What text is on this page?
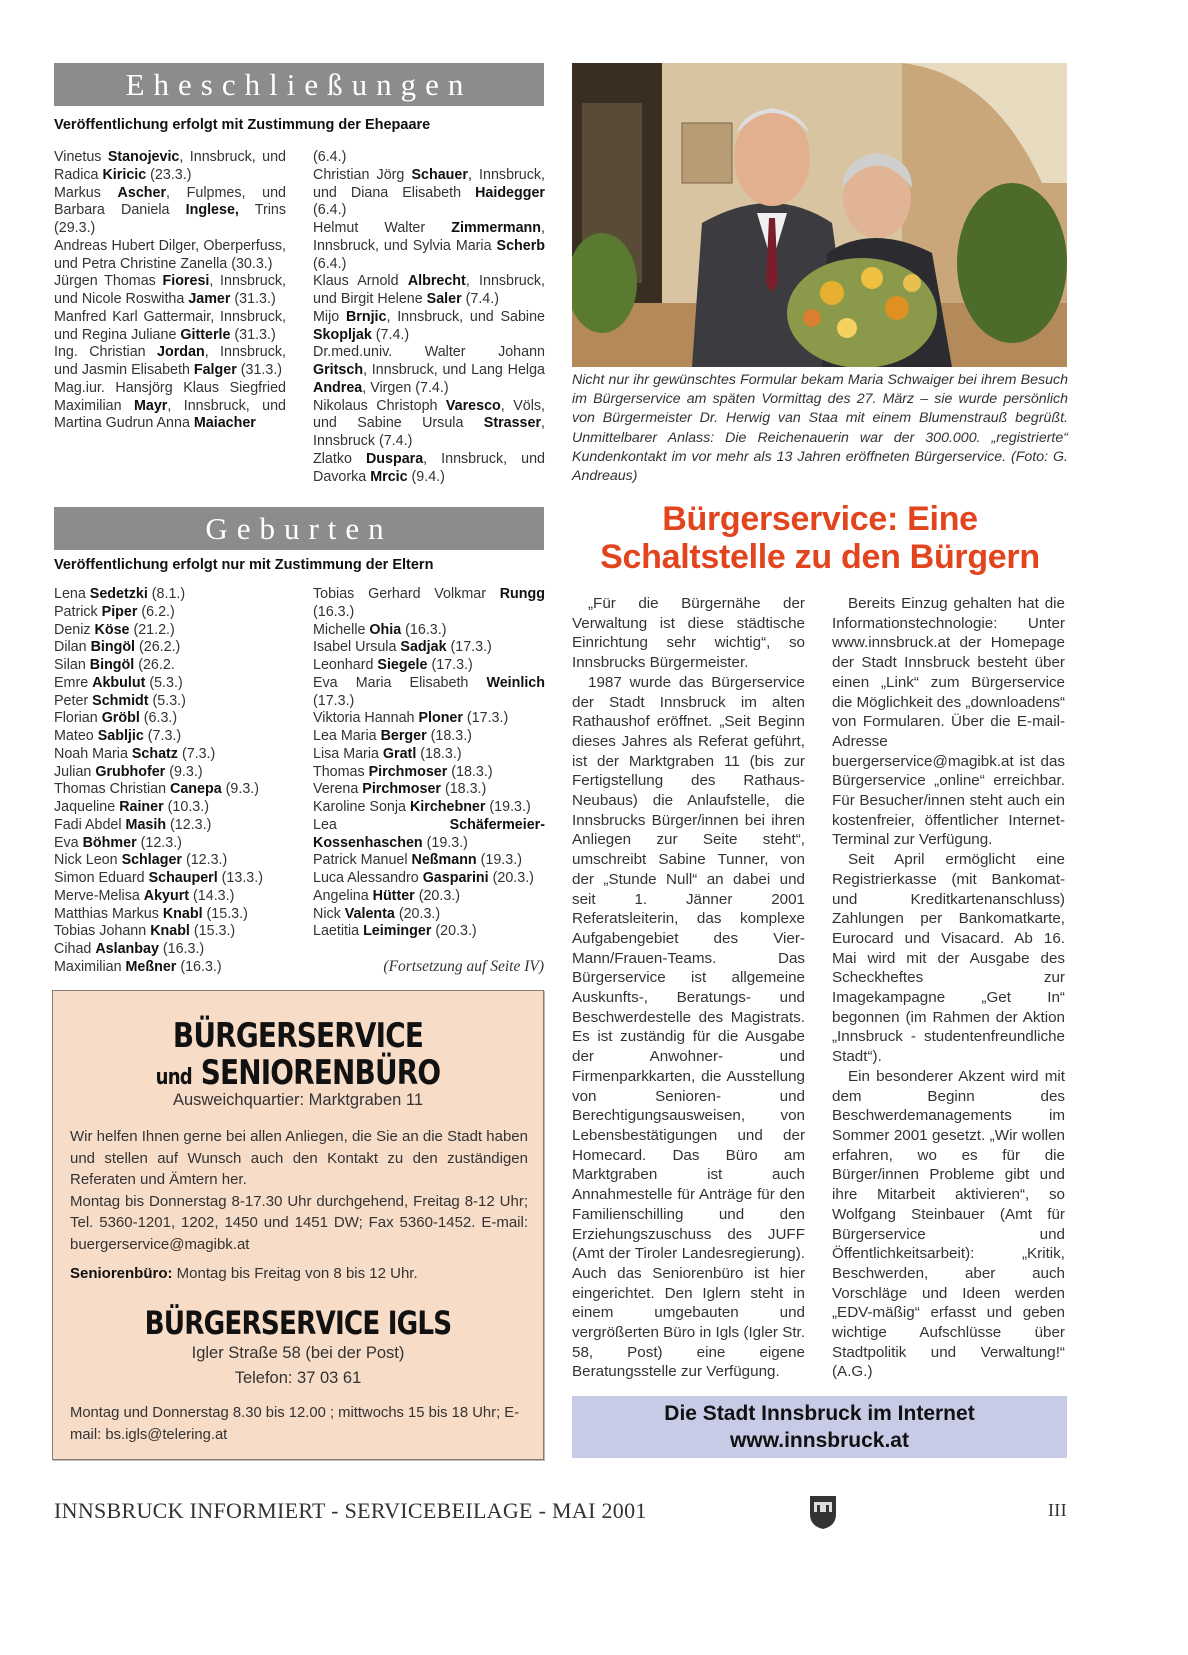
Eheschließungen
Veröffentlichung erfolgt mit Zustimmung der Ehepaare
Vinetus Stanojevic, Innsbruck, und Radica Kiricic (23.3.)
Markus Ascher, Fulpmes, und Barbara Daniela Inglese, Trins (29.3.)
Andreas Hubert Dilger, Oberperfuss, und Petra Christine Zanella (30.3.)
Jürgen Thomas Fioresi, Innsbruck, und Nicole Roswitha Jamer (31.3.)
Manfred Karl Gattermair, Innsbruck, und Regina Juliane Gitterle (31.3.)
Ing. Christian Jordan, Innsbruck, und Jasmin Elisabeth Falger (31.3.)
Mag.iur. Hansjörg Klaus Siegfried Maximilian Mayr, Innsbruck, und Martina Gudrun Anna Maiacher
(6.4.)
Christian Jörg Schauer, Innsbruck, und Diana Elisabeth Haidegger (6.4.)
Helmut Walter Zimmermann, Innsbruck, und Sylvia Maria Scherb (6.4.)
Klaus Arnold Albrecht, Innsbruck, und Birgit Helene Saler (7.4.)
Mijo Brnjic, Innsbruck, und Sabine Skopljak (7.4.)
Dr.med.univ. Walter Johann Gritsch, Innsbruck, und Lang Helga Andrea, Virgen (7.4.)
Nikolaus Christoph Varesco, Völs, und Sabine Ursula Strasser, Innsbruck (7.4.)
Zlatko Duspara, Innsbruck, und Davorka Mrcic (9.4.)
Nicht nur ihr gewünschtes Formular bekam Maria Schwaiger bei ihrem Besuch im Bürgerservice am späten Vormittag des 27. März – sie wurde persönlich von Bürgermeister Dr. Herwig van Staa mit einem Blumenstrauß begrüßt. Unmittelbarer Anlass: Die Reichenauerin war der 300.000. „registrierte“ Kundenkontakt im vor mehr als 13 Jahren eröffneten Bürgerservice. (Foto: G. Andreaus)
Geburten
Veröffentlichung erfolgt nur mit Zustimmung der Eltern
Lena Sedetzki (8.1.)
Patrick Piper (6.2.)
Deniz Köse (21.2.)
Dilan Bingöl (26.2.)
Silan Bingöl (26.2.
Emre Akbulut (5.3.)
Peter Schmidt (5.3.)
Florian Gröbl (6.3.)
Mateo Sabljic (7.3.)
Noah Maria Schatz (7.3.)
Julian Grubhofer (9.3.)
Thomas Christian Canepa (9.3.)
Jaqueline Rainer (10.3.)
Fadi Abdel Masih (12.3.)
Eva Böhmer (12.3.)
Nick Leon Schlager (12.3.)
Simon Eduard Schauperl (13.3.)
Merve-Melisa Akyurt (14.3.)
Matthias Markus Knabl (15.3.)
Tobias Johann Knabl (15.3.)
Cihad Aslanbay (16.3.)
Maximilian Meßner (16.3.)
Tobias Gerhard Volkmar Rungg (16.3.)
Michelle Ohia (16.3.)
Isabel Ursula Sadjak (17.3.)
Leonhard Siegele (17.3.)
Eva Maria Elisabeth Weinlich (17.3.)
Viktoria Hannah Ploner (17.3.)
Lea Maria Berger (18.3.)
Lisa Maria Gratl (18.3.)
Thomas Pirchmoser (18.3.)
Verena Pirchmoser (18.3.)
Karoline Sonja Kirchebner (19.3.)
Lea Schäfermeier-Kossenhaschen (19.3.)
Patrick Manuel Neßmann (19.3.)
Luca Alessandro Gasparini (20.3.)
Angelina Hütter (20.3.)
Nick Valenta (20.3.)
Laetitia Leiminger (20.3.)
(Fortsetzung auf Seite IV)
BÜRGERSERVICE
und SENIORENBÜRO
Ausweichquartier: Marktgraben 11
Wir helfen Ihnen gerne bei allen Anliegen, die Sie an die Stadt haben und stellen auf Wunsch auch den Kontakt zu den zuständigen Referaten und Ämtern her.
Montag bis Donnerstag 8-17.30 Uhr durchgehend, Freitag 8-12 Uhr; Tel. 5360-1201, 1202, 1450 und 1451 DW; Fax 5360-1452. E-mail: buergerservice@magibk.at
Seniorenbüro: Montag bis Freitag von 8 bis 12 Uhr.
BÜRGERSERVICE IGLS
Igler Straße 58 (bei der Post)
Telefon: 37 03 61
Montag und Donnerstag 8.30 bis 12.00 ; mittwochs 15 bis 18 Uhr; E-mail: bs.igls@telering.at
Bürgerservice: Eine
Schaltstelle zu den Bürgern

„Für die Bürgernähe der Verwaltung ist diese städtische Einrichtung sehr wichtig“, so Innsbrucks Bürgermeister.

1987 wurde das Bürgerservice der Stadt Innsbruck im alten Rathaushof eröffnet. „Seit Beginn dieses Jahres als Referat geführt, ist der Marktgraben 11 (bis zur Fertigstellung des Rathaus-Neubaus) die Anlaufstelle, die Innsbrucks Bürger/innen bei ihren Anliegen zur Seite steht“, umschreibt Sabine Tunner, von der „Stunde Null“ an dabei und seit 1. Jänner 2001 Referatsleiterin, das komplexe Aufgabengebiet des Vier-Mann/Frauen-Teams. Das Bürgerservice ist allgemeine Auskunfts-, Beratungs- und Beschwerdestelle des Magistrats. Es ist zuständig für die Ausgabe der Anwohner- und Firmenparkkarten, die Ausstellung von Senioren- und Berechtigungsausweisen, von Lebensbestätigungen und der Homecard. Das Büro am Marktgraben ist auch Annahmestelle für Anträge für den Familienschilling und den Erziehungszuschuss des JUFF (Amt der Tiroler Landesregierung). Auch das Seniorenbüro ist hier eingerichtet. Den Iglern steht in einem umgebauten und vergrößerten Büro in Igls (Igler Str. 58, Post) eine eigene Beratungsstelle zur Verfügung.

Bereits Einzug gehalten hat die Informationstechnologie: Unter www.innsbruck.at der Homepage der Stadt Innsbruck besteht über einen „Link“ zum Bürgerservice die Möglichkeit des „downloadens“ von Formularen. Über die E-mail-Adresse buergerservice@magibk.at ist das Bürgerservice „online“ erreichbar. Für Besucher/innen steht auch ein kostenfreier, öffentlicher Internet-Terminal zur Verfügung.

Seit April ermöglicht eine Registrierkasse (mit Bankomat- und Kreditkartenanschluss) Zahlungen per Bankomatkarte, Eurocard und Visacard. Ab 16. Mai wird mit der Ausgabe des Scheckheftes zur Imagekampagne „Get In“ begonnen (im Rahmen der Aktion „Innsbruck - studentenfreundliche Stadt“).

Ein besonderer Akzent wird mit dem Beginn des Beschwerdemanagements im Sommer 2001 gesetzt. „Wir wollen erfahren, wo es für die Bürger/innen Probleme gibt und ihre Mitarbeit aktivieren“, so Wolfgang Steinbauer (Amt für Bürgerservice und Öffentlichkeitsarbeit): „Kritik, Beschwerden, aber auch Vorschläge und Ideen werden „EDV-mäßig“ erfasst und geben wichtige Aufschlüsse über Stadtpolitik und Verwaltung!“ (A.G.)

Die Stadt Innsbruck im Internet
www.innsbruck.at
INNSBRUCK INFORMIERT - SERVICEBEILAGE - MAI 2001	III
